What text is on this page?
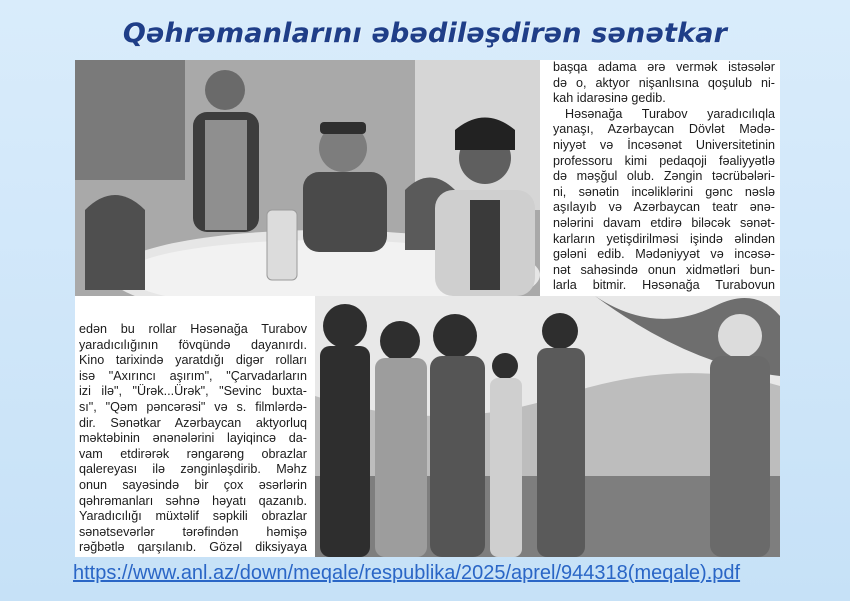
Qəhrəmanlarını əbədiləşdirən sənətkar
başqa adama ərə vermək istəsələr
də o, aktyor nişanlısına qoşulub ni-
kah idarəsinə gedib.
Həsənağa Turabov yaradıcılıqla
yanaşı, Azərbaycan Dövlət Mədə-
niyyət və İncəsənət Universitetinin
professoru kimi pedaqoji fəaliyyətlə
də məşğul olub. Zəngin təcrübələri-
ni, sənətin incəliklərini gənc nəslə
aşılayıb və Azərbaycan teatr ənə-
nələrini davam etdirə biləcək sənət-
karların yetişdirilməsi işində əlindən
gələni edib. Mədəniyyət və incəsə-
nət sahəsində onun xidmətləri bun-
larla bitmir. Həsənağa Turabovun
edən bu rollar Həsənağa Turabov
yaradıcılığının fövqündə dayanırdı.
Kino tarixində yaratdığı digər rolları
isə "Axırıncı aşırım", "Çarvadarların
izi ilə", "Ürək...Ürək", "Sevinc buxta-
sı", "Qəm pəncərəsi" və s. filmlərdə-
dir. Sənətkar Azərbaycan aktyorluq
məktəbinin ənənələrini layiqincə da-
vam etdirərək rəngarəng obrazlar
qalereyası ilə zənginləşdirib. Məhz
onun sayəsində bir çox əsərlərin
qəhrəmanları səhnə həyatı qazanıb.
Yaradıcılığı müxtəlif səpkili obrazlar
sənətsevərlər tərəfindən həmişə
rəğbətlə qarşılanıb. Gözəl diksiyaya
https://www.anl.az/down/meqale/respublika/2025/aprel/944318(meqale).pdf
